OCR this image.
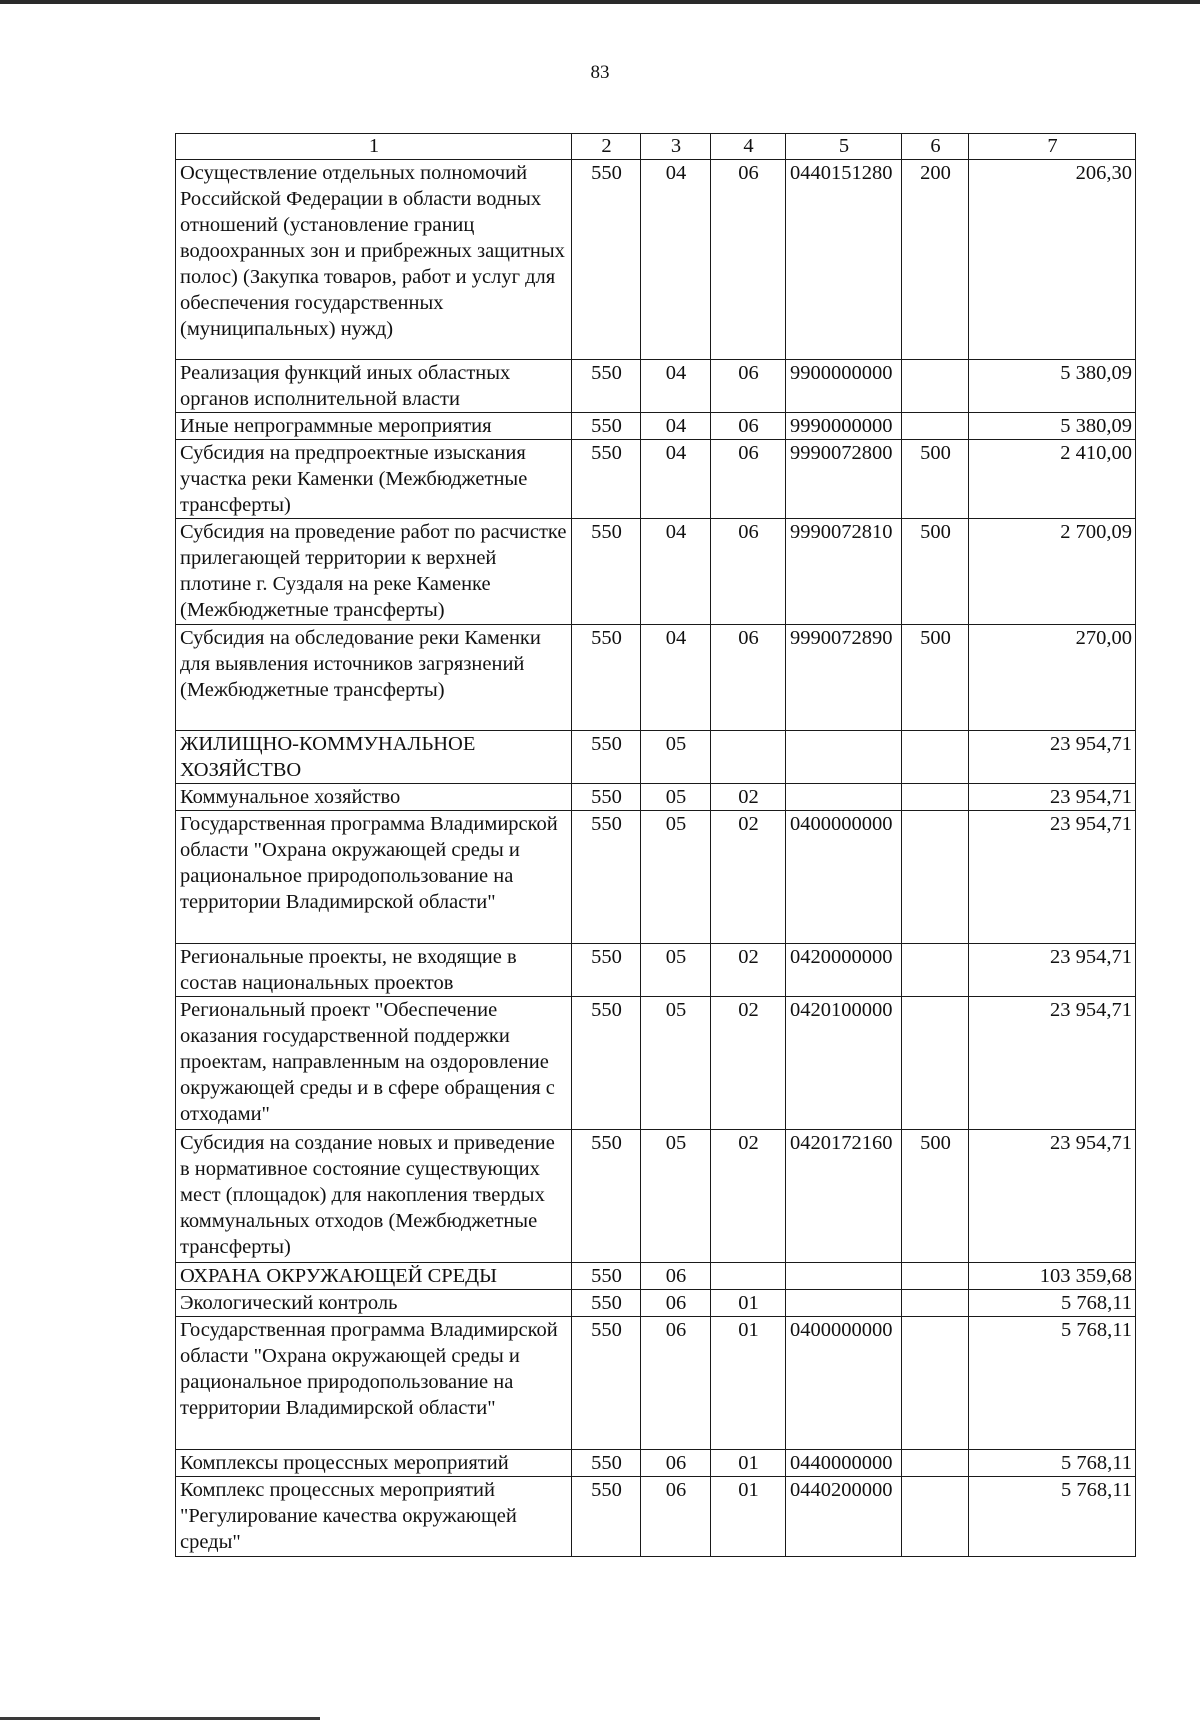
83
1	2	3	4	5	6	7
Осуществление отдельных полномочий Российской Федерации в области водных отношений (установление границ водоохранных зон и прибрежных защитных полос) (Закупка товаров, работ и услуг для обеспечения государственных (муниципальных) нужд)	550	04	06	0440151280	200	206,30
Реализация функций иных областных органов исполнительной власти	550	04	06	9900000000		5 380,09
Иные непрограммные мероприятия	550	04	06	9990000000		5 380,09
Субсидия на предпроектные изыскания участка реки Каменки (Межбюджетные трансферты)	550	04	06	9990072800	500	2 410,00
Субсидия на проведение работ по расчистке прилегающей территории к верхней плотине г. Суздаля на реке Каменке (Межбюджетные трансферты)	550	04	06	9990072810	500	2 700,09
Субсидия на обследование реки Каменки для выявления источников загрязнений (Межбюджетные трансферты)	550	04	06	9990072890	500	270,00
ЖИЛИЩНО-КОММУНАЛЬНОЕ ХОЗЯЙСТВО	550	05				23 954,71
Коммунальное хозяйство	550	05	02			23 954,71
Государственная программа Владимирской области "Охрана окружающей среды и рациональное природопользование на территории Владимирской области"	550	05	02	0400000000		23 954,71
Региональные проекты, не входящие в состав национальных проектов	550	05	02	0420000000		23 954,71
Региональный проект "Обеспечение оказания государственной поддержки проектам, направленным на оздоровление окружающей среды и в сфере обращения с отходами"	550	05	02	0420100000		23 954,71
Субсидия на создание новых и приведение в нормативное состояние существующих мест (площадок) для накопления твердых коммунальных отходов (Межбюджетные трансферты)	550	05	02	0420172160	500	23 954,71
ОХРАНА ОКРУЖАЮЩЕЙ СРЕДЫ	550	06				103 359,68
Экологический контроль	550	06	01			5 768,11
Государственная программа Владимирской области "Охрана окружающей среды и рациональное природопользование на территории Владимирской области"	550	06	01	0400000000		5 768,11
Комплексы процессных мероприятий	550	06	01	0440000000		5 768,11
Комплекс процессных мероприятий "Регулирование качества окружающей среды"	550	06	01	0440200000		5 768,11
